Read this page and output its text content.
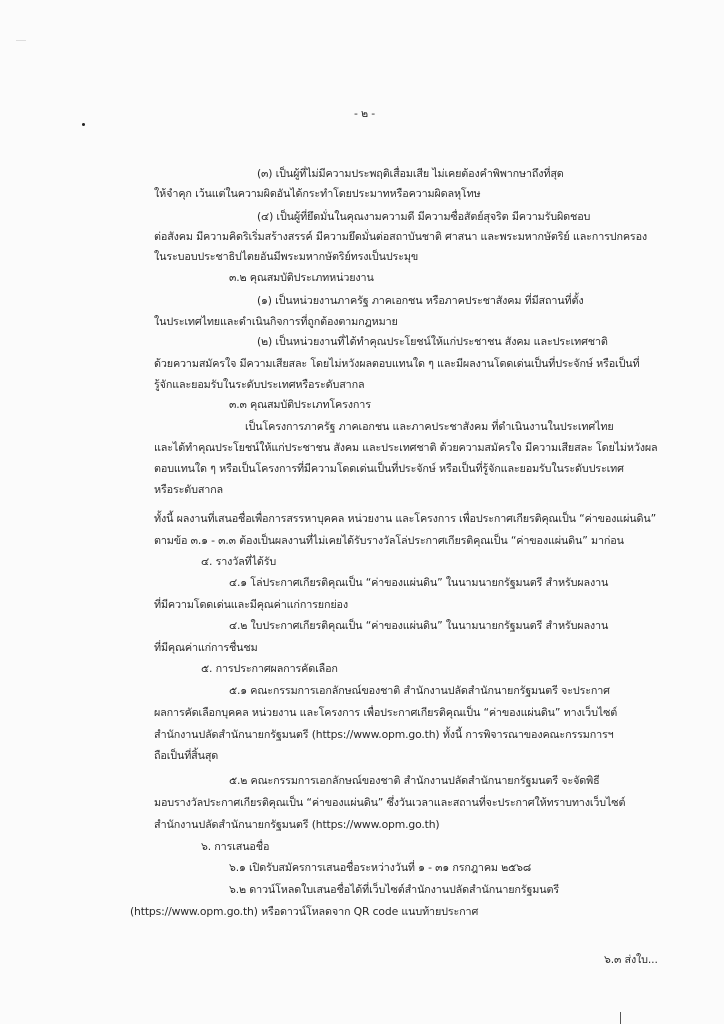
- ๒ -
(๓) เป็นผู้ที่ไม่มีความประพฤติเสื่อมเสีย ไม่เคยต้องคำพิพากษาถึงที่สุด
ให้จำคุก เว้นแต่ในความผิดอันได้กระทำโดยประมาทหรือความผิดลหุโทษ
(๔) เป็นผู้ที่ยึดมั่นในคุณงามความดี มีความซื่อสัตย์สุจริต มีความรับผิดชอบ
ต่อสังคม มีความคิดริเริ่มสร้างสรรค์ มีความยึดมั่นต่อสถาบันชาติ ศาสนา และพระมหากษัตริย์ และการปกครอง
ในระบอบประชาธิปไตยอันมีพระมหากษัตริย์ทรงเป็นประมุข
๓.๒ คุณสมบัติประเภทหน่วยงาน
(๑) เป็นหน่วยงานภาครัฐ ภาคเอกชน หรือภาคประชาสังคม ที่มีสถานที่ตั้ง
ในประเทศไทยและดำเนินกิจการที่ถูกต้องตามกฎหมาย
(๒) เป็นหน่วยงานที่ได้ทำคุณประโยชน์ให้แก่ประชาชน สังคม และประเทศชาติ
ด้วยความสมัครใจ มีความเสียสละ โดยไม่หวังผลตอบแทนใด ๆ และมีผลงานโดดเด่นเป็นที่ประจักษ์ หรือเป็นที่
รู้จักและยอมรับในระดับประเทศหรือระดับสากล
๓.๓ คุณสมบัติประเภทโครงการ
เป็นโครงการภาครัฐ ภาคเอกชน และภาคประชาสังคม ที่ดำเนินงานในประเทศไทย
และได้ทำคุณประโยชน์ให้แก่ประชาชน สังคม และประเทศชาติ ด้วยความสมัครใจ มีความเสียสละ โดยไม่หวังผล
ตอบแทนใด ๆ หรือเป็นโครงการที่มีความโดดเด่นเป็นที่ประจักษ์ หรือเป็นที่รู้จักและยอมรับในระดับประเทศ
หรือระดับสากล
ทั้งนี้ ผลงานที่เสนอชื่อเพื่อการสรรหาบุคคล หน่วยงาน และโครงการ เพื่อประกาศเกียรติคุณเป็น “ค่าของแผ่นดิน”
ตามข้อ ๓.๑ - ๓.๓ ต้องเป็นผลงานที่ไม่เคยได้รับรางวัลโล่ประกาศเกียรติคุณเป็น “ค่าของแผ่นดิน” มาก่อน
๔. รางวัลที่ได้รับ
๔.๑ โล่ประกาศเกียรติคุณเป็น “ค่าของแผ่นดิน” ในนามนายกรัฐมนตรี สำหรับผลงาน
ที่มีความโดดเด่นและมีคุณค่าแก่การยกย่อง
๔.๒ ใบประกาศเกียรติคุณเป็น “ค่าของแผ่นดิน” ในนามนายกรัฐมนตรี สำหรับผลงาน
ที่มีคุณค่าแก่การชื่นชม
๕. การประกาศผลการคัดเลือก
๕.๑ คณะกรรมการเอกลักษณ์ของชาติ สำนักงานปลัดสำนักนายกรัฐมนตรี จะประกาศ
ผลการคัดเลือกบุคคล หน่วยงาน และโครงการ เพื่อประกาศเกียรติคุณเป็น “ค่าของแผ่นดิน” ทางเว็บไซต์
สำนักงานปลัดสำนักนายกรัฐมนตรี (https://www.opm.go.th) ทั้งนี้ การพิจารณาของคณะกรรมการฯ
ถือเป็นที่สิ้นสุด
๕.๒ คณะกรรมการเอกลักษณ์ของชาติ สำนักงานปลัดสำนักนายกรัฐมนตรี จะจัดพิธี
มอบรางวัลประกาศเกียรติคุณเป็น “ค่าของแผ่นดิน” ซึ่งวันเวลาและสถานที่จะประกาศให้ทราบทางเว็บไซต์
สำนักงานปลัดสำนักนายกรัฐมนตรี (https://www.opm.go.th)
๖. การเสนอชื่อ
๖.๑ เปิดรับสมัครการเสนอชื่อระหว่างวันที่ ๑ - ๓๑ กรกฎาคม ๒๕๖๘
๖.๒ ดาวน์โหลดใบเสนอชื่อได้ที่เว็บไซต์สำนักงานปลัดสำนักนายกรัฐมนตรี
(https://www.opm.go.th) หรือดาวน์โหลดจาก QR code แนบท้ายประกาศ
๖.๓ ส่งใบ...
